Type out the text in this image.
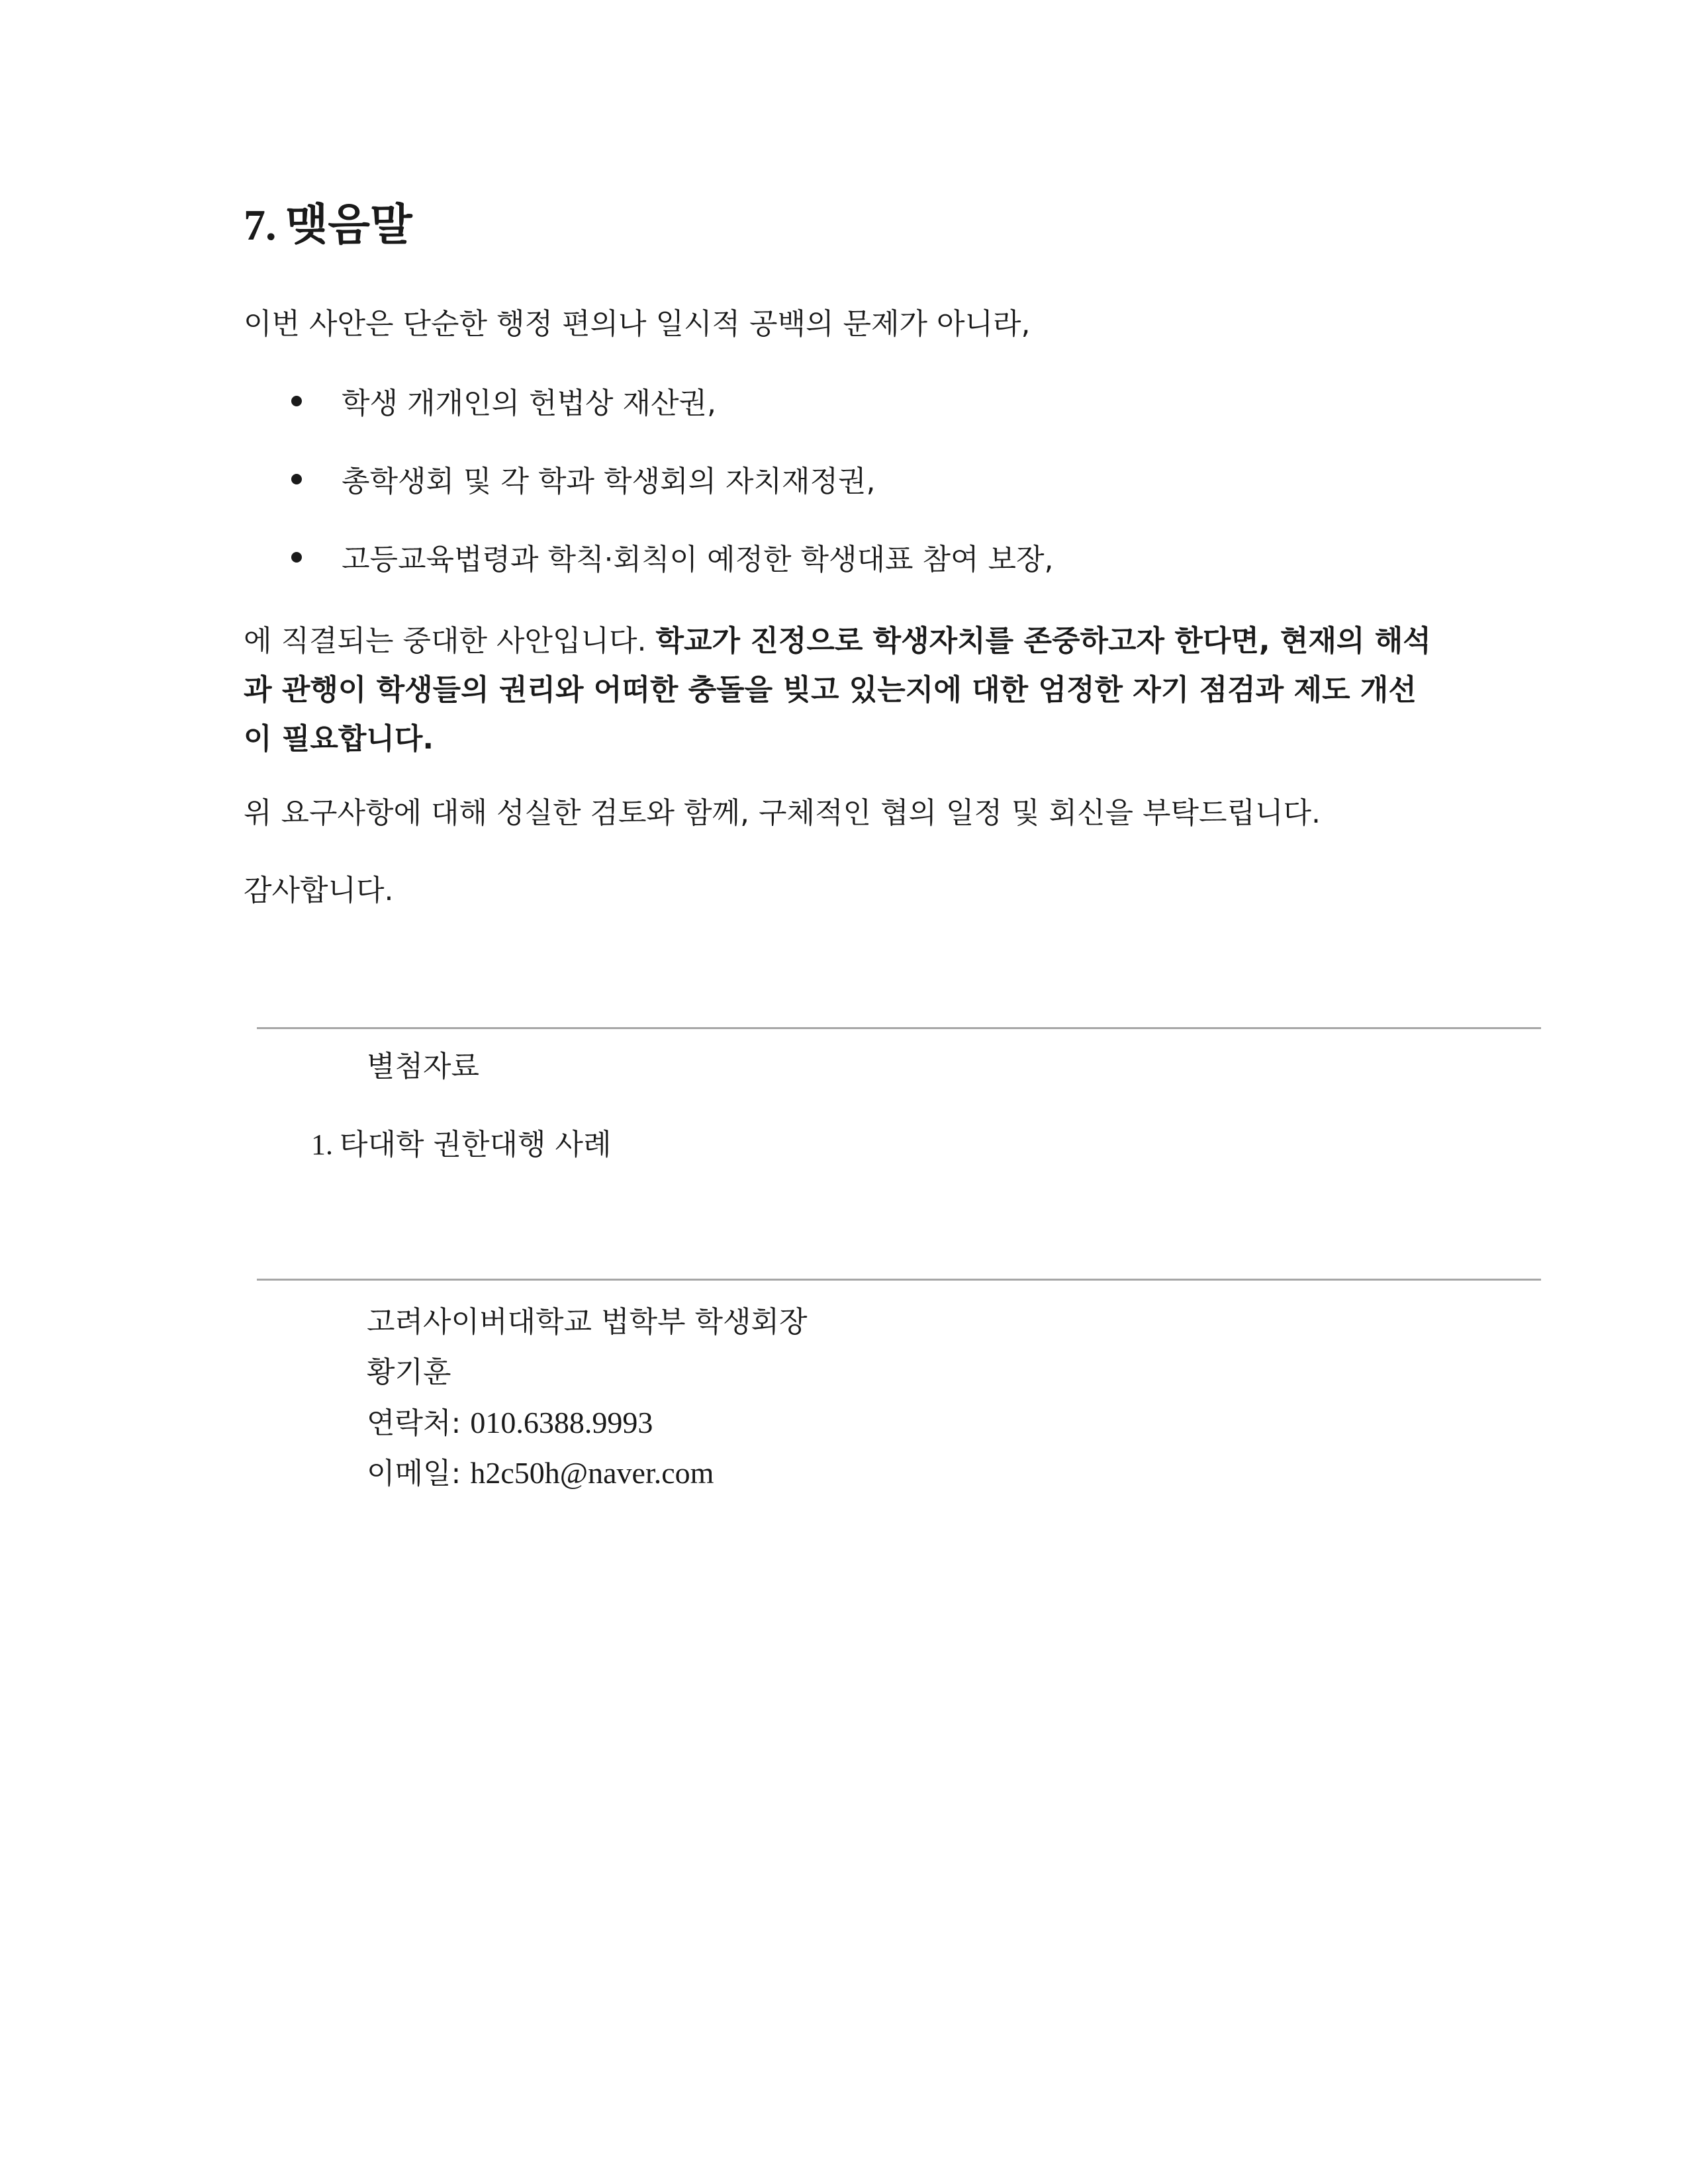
7. 맺음말

이번 사안은 단순한 행정 편의나 일시적 공백의 문제가 아니라,

학생 개개인의 헌법상 재산권,
총학생회 및 각 학과 학생회의 자치재정권,
고등교육법령과 학칙·회칙이 예정한 학생대표 참여 보장,

에 직결되는 중대한 사안입니다. 학교가 진정으로 학생자치를 존중하고자 한다면, 현재의 해석과 관행이 학생들의 권리와 어떠한 충돌을 빚고 있는지에 대한 엄정한 자기 점검과 제도 개선이 필요합니다.

위 요구사항에 대해 성실한 검토와 함께, 구체적인 협의 일정 및 회신을 부탁드립니다.

감사합니다.

별첨자료

1. 타대학 권한대행 사례

고려사이버대학교 법학부 학생회장
황기훈
연락처: 010.6388.9993
이메일: h2c50h@naver.com
